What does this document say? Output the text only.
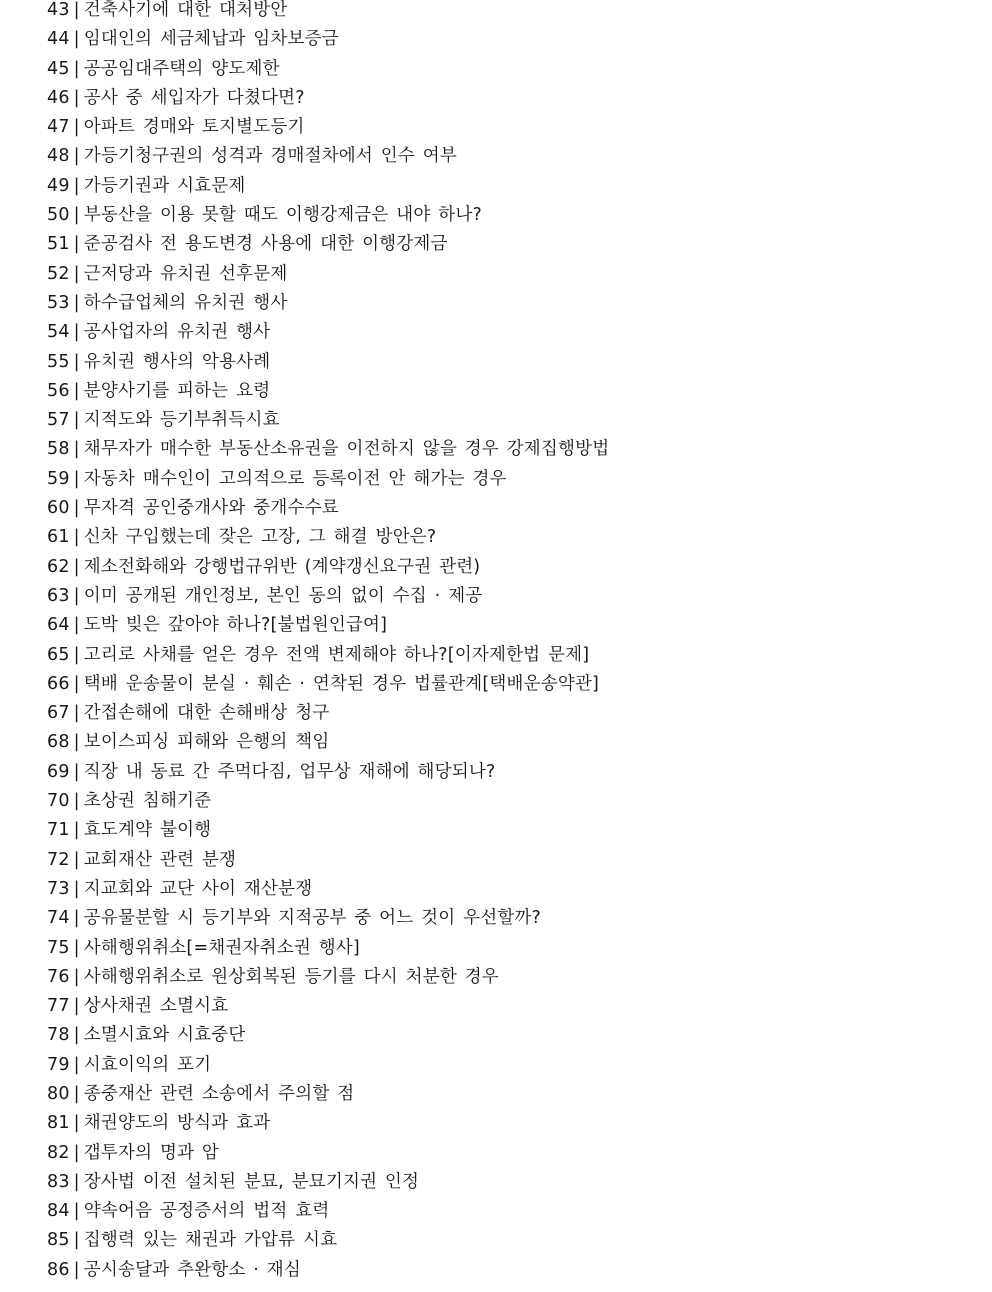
43 | 건축사기에 대한 대처방안
44 | 임대인의 세금체납과 임차보증금
45 | 공공임대주택의 양도제한
46 | 공사 중 세입자가 다쳤다면?
47 | 아파트 경매와 토지별도등기
48 | 가등기청구권의 성격과 경매절차에서 인수 여부
49 | 가등기권과 시효문제
50 | 부동산을 이용 못할 때도 이행강제금은 내야 하나?
51 | 준공검사 전 용도변경 사용에 대한 이행강제금
52 | 근저당과 유치권 선후문제
53 | 하수급업체의 유치권 행사
54 | 공사업자의 유치권 행사
55 | 유치권 행사의 악용사례
56 | 분양사기를 피하는 요령
57 | 지적도와 등기부취득시효
58 | 채무자가 매수한 부동산소유권을 이전하지 않을 경우 강제집행방법
59 | 자동차 매수인이 고의적으로 등록이전 안 해가는 경우
60 | 무자격 공인중개사와 중개수수료
61 | 신차 구입했는데 잦은 고장, 그 해결 방안은?
62 | 제소전화해와 강행법규위반 (계약갱신요구권 관련)
63 | 이미 공개된 개인정보, 본인 동의 없이 수집 · 제공
64 | 도박 빚은 갚아야 하나?[불법원인급여]
65 | 고리로 사채를 얻은 경우 전액 변제해야 하나?[이자제한법 문제]
66 | 택배 운송물이 분실 · 훼손 · 연착된 경우 법률관계[택배운송약관]
67 | 간접손해에 대한 손해배상 청구
68 | 보이스피싱 피해와 은행의 책임
69 | 직장 내 동료 간 주먹다짐, 업무상 재해에 해당되나?
70 | 초상권 침해기준
71 | 효도계약 불이행
72 | 교회재산 관련 분쟁
73 | 지교회와 교단 사이 재산분쟁
74 | 공유물분할 시 등기부와 지적공부 중 어느 것이 우선할까?
75 | 사해행위취소[=채권자취소권 행사]
76 | 사해행위취소로 원상회복된 등기를 다시 처분한 경우
77 | 상사채권 소멸시효
78 | 소멸시효와 시효중단
79 | 시효이익의 포기
80 | 종중재산 관련 소송에서 주의할 점
81 | 채권양도의 방식과 효과
82 | 갭투자의 명과 암
83 | 장사법 이전 설치된 분묘, 분묘기지권 인정
84 | 약속어음 공정증서의 법적 효력
85 | 집행력 있는 채권과 가압류 시효
86 | 공시송달과 추완항소 · 재심
